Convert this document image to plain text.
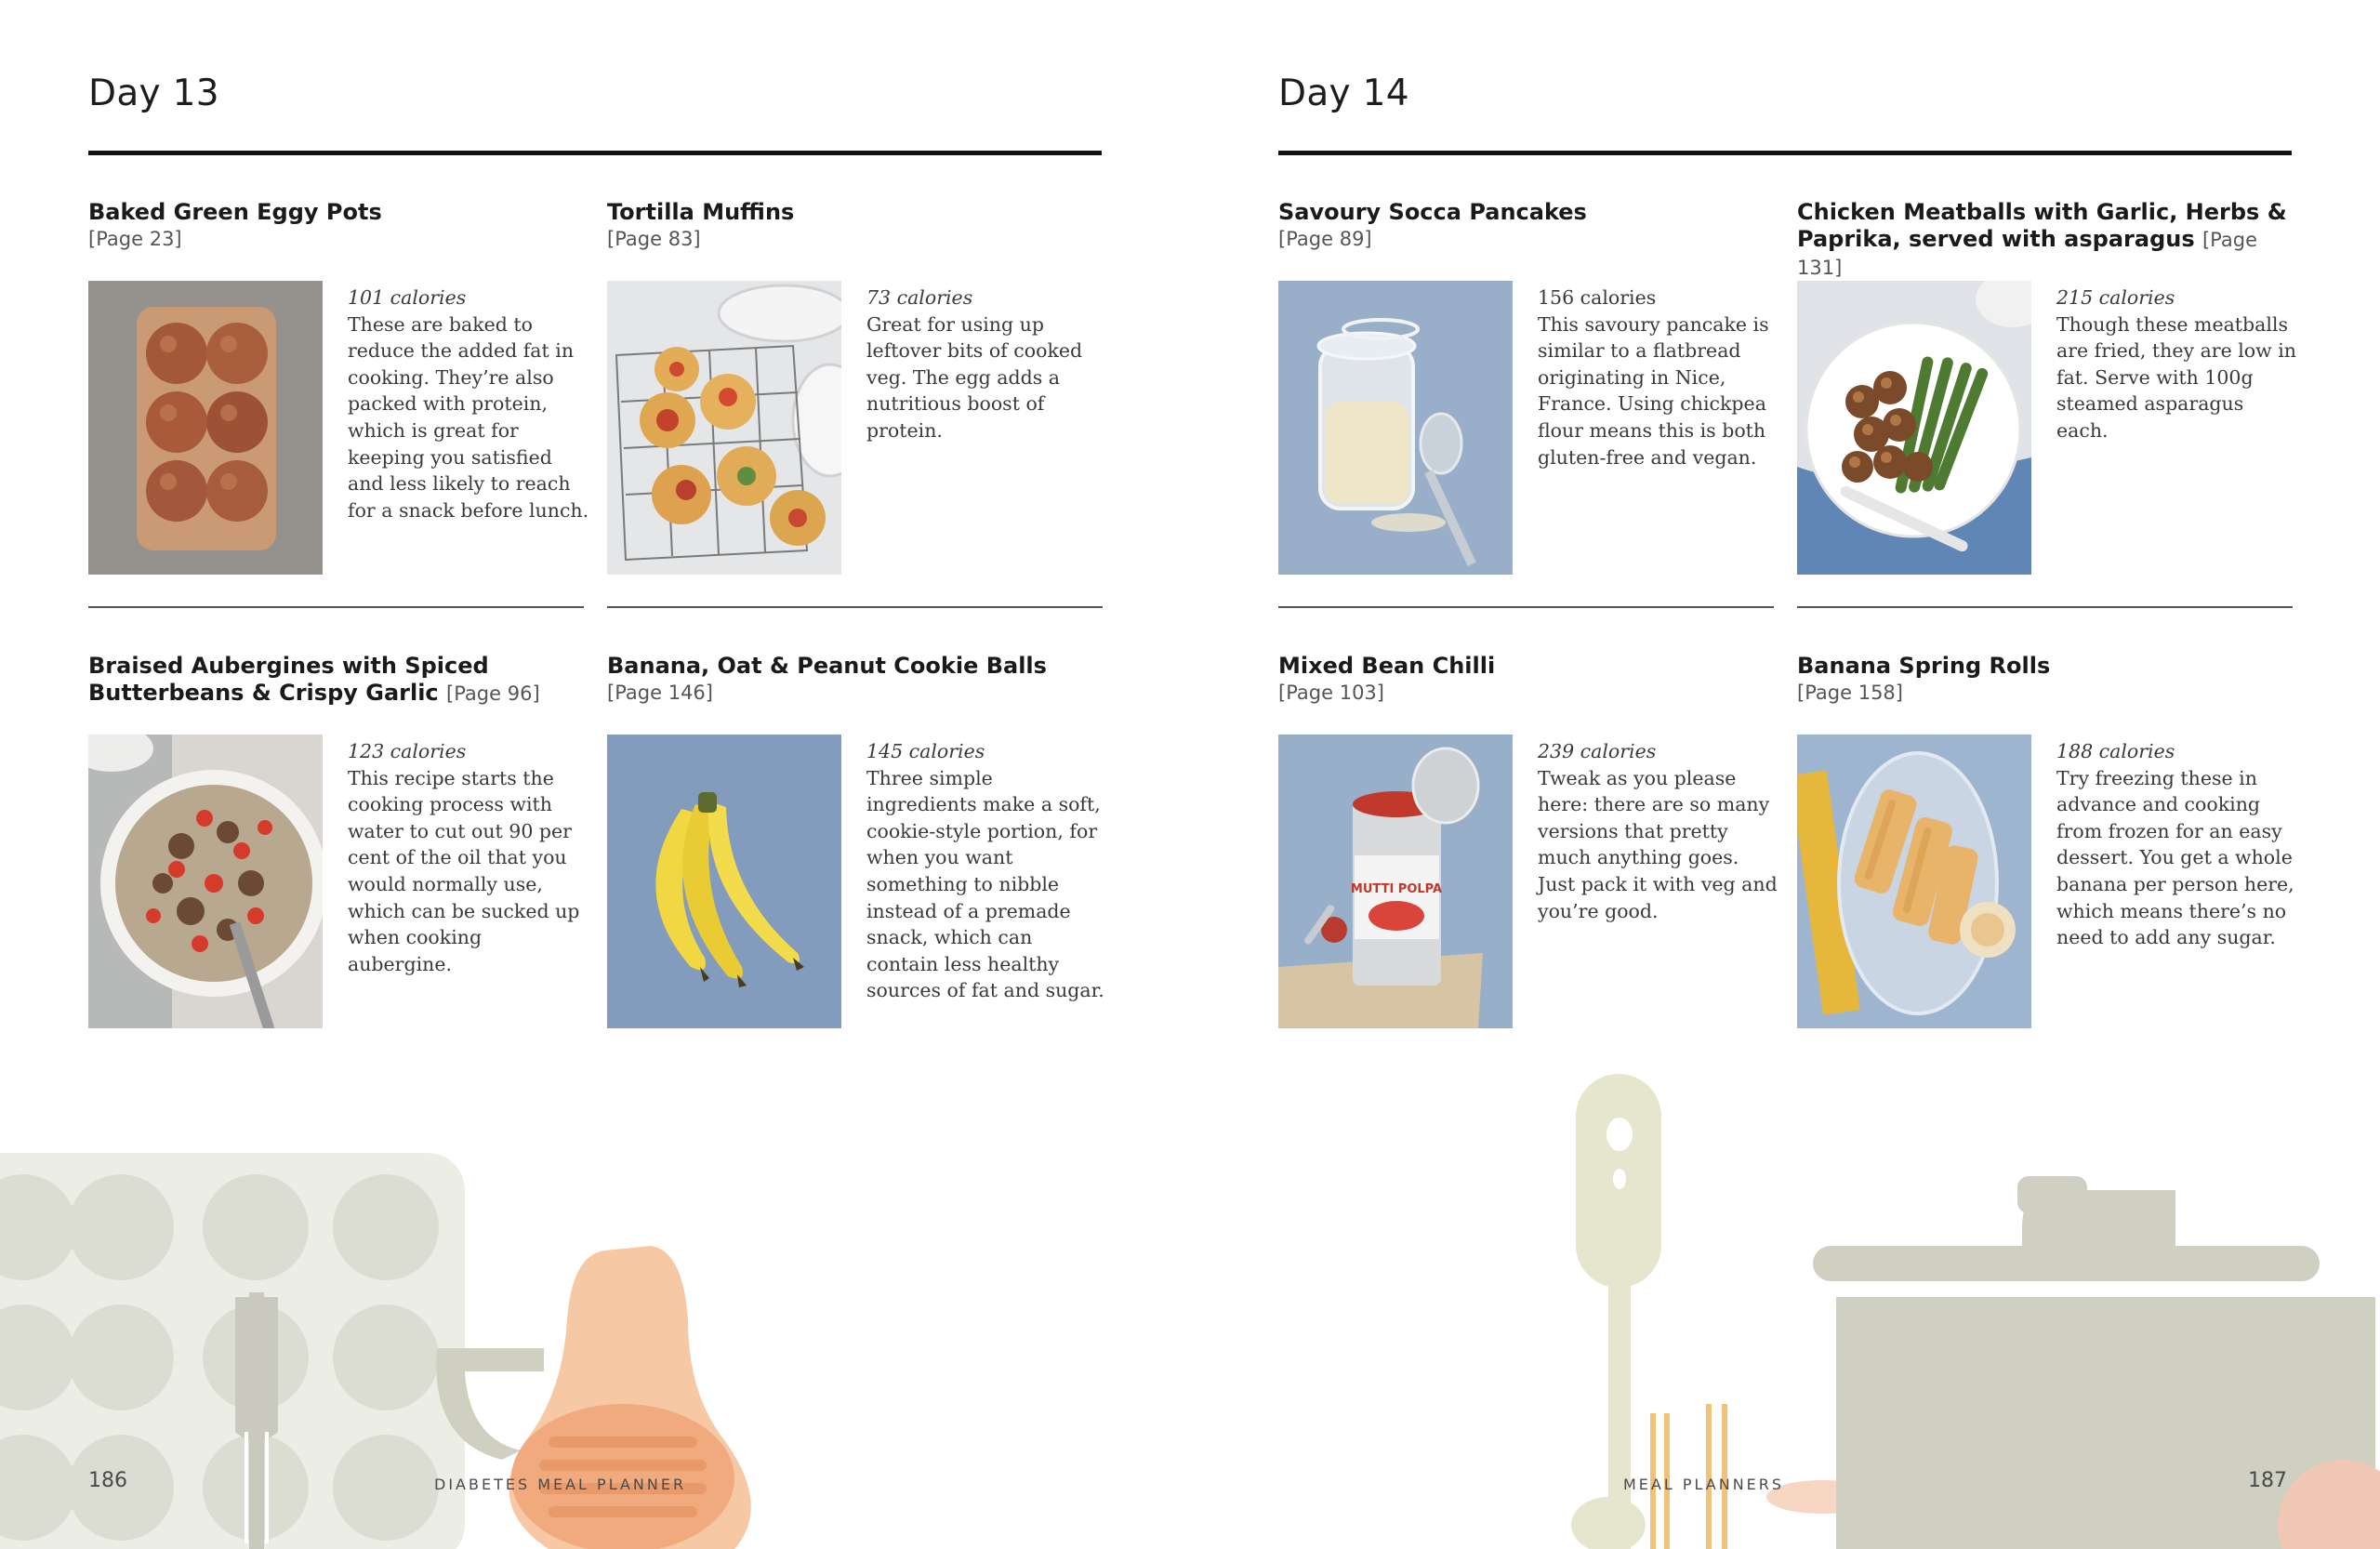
Day 13
Baked Green Eggy Pots
[Page 23]
101 calories
These are baked to reduce the added fat in cooking. They’re also packed with protein, which is great for keeping you satisfied and less likely to reach for a snack before lunch.
Tortilla Muffins
[Page 83]
73 calories
Great for using up leftover bits of cooked veg. The egg adds a nutritious boost of protein.
Braised Aubergines with Spiced Butterbeans & Crispy Garlic [Page 96]
123 calories
This recipe starts the cooking process with water to cut out 90 per cent of the oil that you would normally use, which can be sucked up when cooking aubergine.
Banana, Oat & Peanut Cookie Balls
[Page 146]
145 calories
Three simple ingredients make a soft, cookie-style portion, for when you want something to nibble instead of a premade snack, which can contain less healthy sources of fat and sugar.
Day 14
Savoury Socca Pancakes
[Page 89]
156 calories
This savoury pancake is similar to a flatbread originating in Nice, France. Using chickpea flour means this is both gluten-free and vegan.
Chicken Meatballs with Garlic, Herbs & Paprika, served with asparagus [Page 131]
215 calories
Though these meatballs are fried, they are low in fat. Serve with 100g steamed asparagus each.
Mixed Bean Chilli
[Page 103]
MUTTI POLPA
239 calories
Tweak as you please here: there are so many versions that pretty much anything goes. Just pack it with veg and you’re good.
Banana Spring Rolls
[Page 158]
188 calories
Try freezing these in advance and cooking from frozen for an easy dessert. You get a whole banana per person here, which means there’s no need to add any sugar.
186	DIABETES MEAL PLANNER	MEAL PLANNERS	187
